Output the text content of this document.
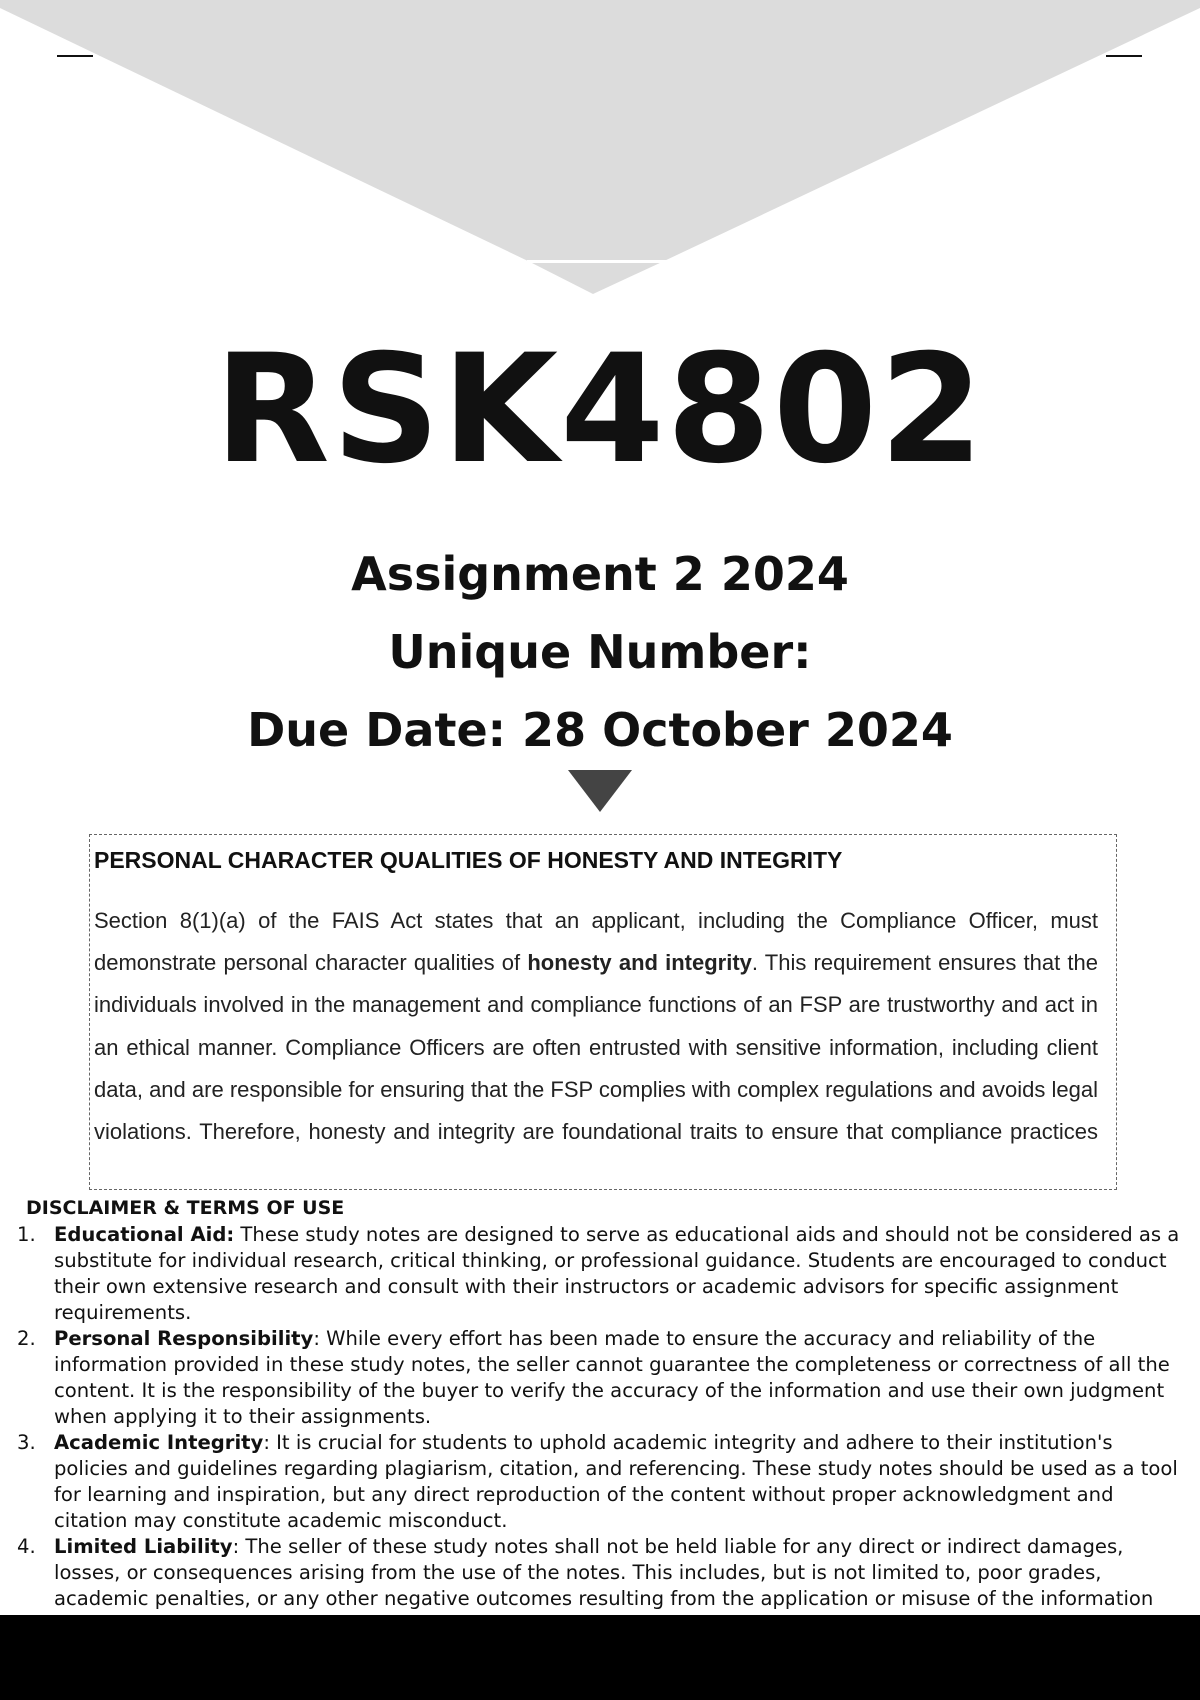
RSK4802
Assignment 2 2024
Unique Number:
Due Date: 28 October 2024
PERSONAL CHARACTER QUALITIES OF HONESTY AND INTEGRITY
Section 8(1)(a) of the FAIS Act states that an applicant, including the Compliance Officer, must demonstrate personal character qualities of honesty and integrity. This requirement ensures that the individuals involved in the management and compliance functions of an FSP are trustworthy and act in an ethical manner. Compliance Officers are often entrusted with sensitive information, including client data, and are responsible for ensuring that the FSP complies with complex regulations and avoids legal violations. Therefore, honesty and integrity are foundational traits to ensure that compliance practices
DISCLAIMER & TERMS OF USE
1. Educational Aid: These study notes are designed to serve as educational aids and should not be considered as a substitute for individual research, critical thinking, or professional guidance. Students are encouraged to conduct their own extensive research and consult with their instructors or academic advisors for specific assignment requirements.
2. Personal Responsibility: While every effort has been made to ensure the accuracy and reliability of the information provided in these study notes, the seller cannot guarantee the completeness or correctness of all the content. It is the responsibility of the buyer to verify the accuracy of the information and use their own judgment when applying it to their assignments.
3. Academic Integrity: It is crucial for students to uphold academic integrity and adhere to their institution's policies and guidelines regarding plagiarism, citation, and referencing. These study notes should be used as a tool for learning and inspiration, but any direct reproduction of the content without proper acknowledgment and citation may constitute academic misconduct.
4. Limited Liability: The seller of these study notes shall not be held liable for any direct or indirect damages, losses, or consequences arising from the use of the notes. This includes, but is not limited to, poor grades, academic penalties, or any other negative outcomes resulting from the application or misuse of the information
